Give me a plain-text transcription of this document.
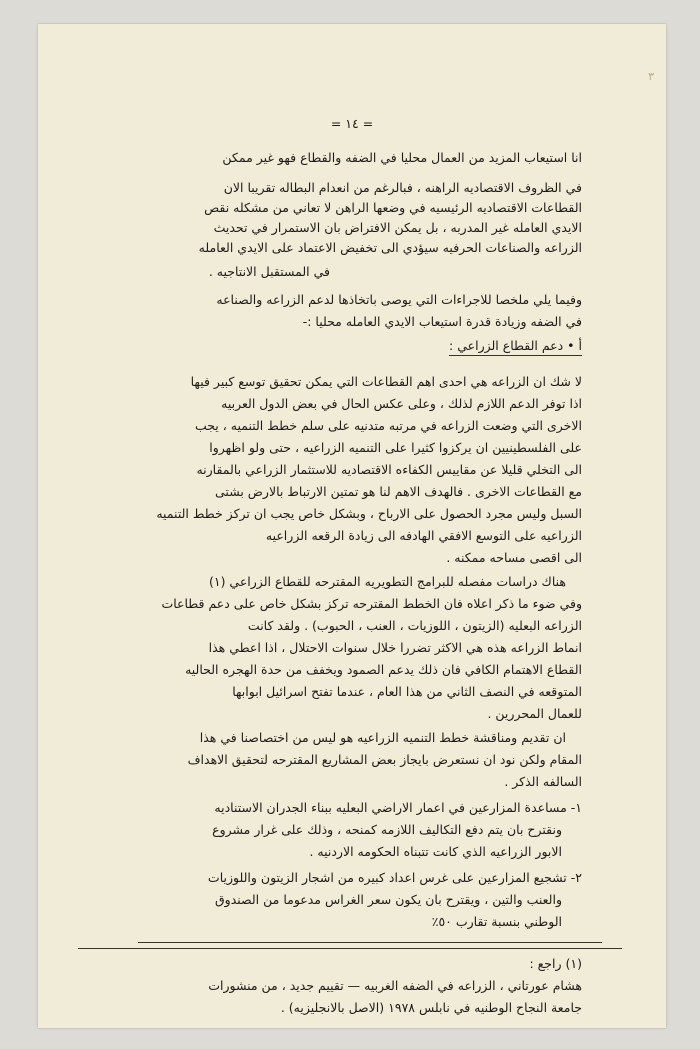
٣
= ١٤ =
انا استيعاب المزيد من العمال محليا في الضفه والقطاع فهو غير ممكن
في الظروف الاقتصاديه الراهنه ، فبالرغم من انعدام البطاله تقريبا الان
القطاعات الاقتصاديه الرئيسيه في وضعها الراهن لا تعاني من مشكله نقص
الايدي العامله غير المدربه ، بل يمكن الافتراض بان الاستمرار في تحديث
الزراعه والصناعات الحرفيه سيؤدي الى تخفيض الاعتماد على الايدي العامله
في المستقبل الانتاجيه .
وفيما يلي ملخصا للاجراءات التي يوصى باتخاذها لدعم الزراعه والصناعه
في الضفه وزيادة قدرة استيعاب الايدي العامله محليا :-
أ • دعم القطاع الزراعي :
لا شك ان الزراعه هي احدى اهم القطاعات التي يمكن تحقيق توسع كبير فيها
اذا توفر الدعم اللازم لذلك ، وعلى عكس الحال في بعض الدول العربيه
الاخرى التي وضعت الزراعه في مرتبه متدنيه على سلم خطط التنميه ، يجب
على الفلسطينيين ان يركزوا كثيرا على التنميه الزراعيه ، حتى ولو اظهروا
الى التخلي قليلا عن مقاييس الكفاءه الاقتصاديه للاستثمار الزراعي بالمقارنه
مع القطاعات الاخرى . فالهدف الاهم لنا هو تمتين الارتباط بالارض بشتى
السبل وليس مجرد الحصول على الارباح ، وبشكل خاص يجب ان تركز خطط التنميه
الزراعيه على التوسع الافقي الهادفه الى زيادة الرقعه الزراعيه
الى اقصى مساحه ممكنه .
هناك دراسات مفصله للبرامج التطويريه المقترحه للقطاع الزراعي (١)
وفي ضوء ما ذكر اعلاه فان الخطط المقترحه تركز بشكل خاص على دعم قطاعات
الزراعه البعليه (الزيتون ، اللوزيات ، العنب ، الحبوب) . ولقد كانت
انماط الزراعه هذه هي الاكثر تضررا خلال سنوات الاحتلال ، اذا اعطي هذا
القطاع الاهتمام الكافي فان ذلك يدعم الصمود ويخفف من حدة الهجره الحاليه
المتوقعه في النصف الثاني من هذا العام ، عندما تفتح اسرائيل ابوابها
للعمال المحررين .
ان تقديم ومناقشة خطط التنميه الزراعيه هو ليس من اختصاصنا في هذا
المقام ولكن نود ان نستعرض بايجاز بعض المشاريع المقترحه لتحقيق الاهداف
السالفه الذكر .
١- مساعدة المزارعين في اعمار الاراضي البعليه ببناء الجدران الاستناديه
ونقترح بان يتم دفع التكاليف اللازمه كمنحه ، وذلك على غرار مشروع
الابور الزراعيه الذي كانت تتبناه الحكومه الاردنيه .
٢- تشجيع المزارعين على غرس اعداد كبيره من اشجار الزيتون واللوزيات
والعنب والتين ، ويقترح بان يكون سعر الغراس مدعوما من الصندوق
الوطني بنسبة تقارب ٥٠٪
(١) راجع :
هشام عورتاني ، الزراعه في الضفه الغربيه — تقييم جديد ، من منشورات
جامعة النجاح الوطنيه في نابلس ١٩٧٨ (الاصل بالانجليزيه) .
